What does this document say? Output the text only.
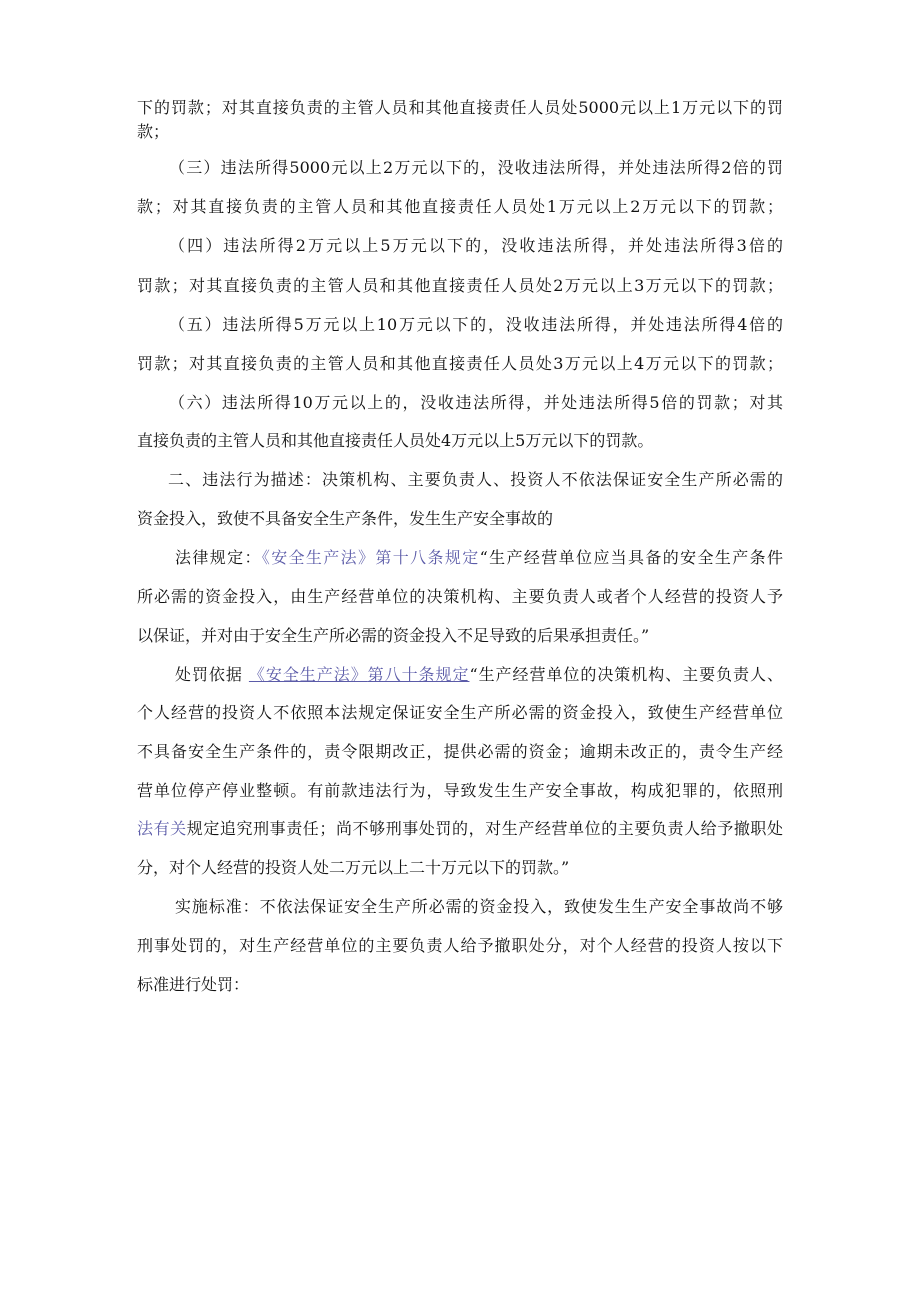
下的罚款；对其直接负责的主管人员和其他直接责任人员处5000元以上1万元以下的罚
款；
（三）违法所得5000元以上2万元以下的，没收违法所得，并处违法所得2倍的罚
款；对其直接负责的主管人员和其他直接责任人员处1万元以上2万元以下的罚款；
（四）违法所得2万元以上5万元以下的，没收违法所得，并处违法所得3倍的
罚款；对其直接负责的主管人员和其他直接责任人员处2万元以上3万元以下的罚款；
（五）违法所得5万元以上10万元以下的，没收违法所得，并处违法所得4倍的
罚款；对其直接负责的主管人员和其他直接责任人员处3万元以上4万元以下的罚款；
（六）违法所得10万元以上的，没收违法所得，并处违法所得5倍的罚款；对其
直接负责的主管人员和其他直接责任人员处4万元以上5万元以下的罚款。
二、违法行为描述：决策机构、主要负责人、投资人不依法保证安全生产所必需的
资金投入，致使不具备安全生产条件，发生生产安全事故的
法律规定：《安全生产法》第十八条规定“生产经营单位应当具备的安全生产条件
所必需的资金投入，由生产经营单位的决策机构、主要负责人或者个人经营的投资人予
以保证，并对由于安全生产所必需的资金投入不足导致的后果承担责任。”
处罚依据 《安全生产法》第八十条规定“生产经营单位的决策机构、主要负责人、
个人经营的投资人不依照本法规定保证安全生产所必需的资金投入，致使生产经营单位
不具备安全生产条件的，责令限期改正，提供必需的资金；逾期未改正的，责令生产经
营单位停产停业整顿。有前款违法行为，导致发生生产安全事故，构成犯罪的，依照刑
法有关规定追究刑事责任；尚不够刑事处罚的，对生产经营单位的主要负责人给予撤职处
分，对个人经营的投资人处二万元以上二十万元以下的罚款。”
实施标准：不依法保证安全生产所必需的资金投入，致使发生生产安全事故尚不够
刑事处罚的，对生产经营单位的主要负责人给予撤职处分，对个人经营的投资人按以下
标准进行处罚：
